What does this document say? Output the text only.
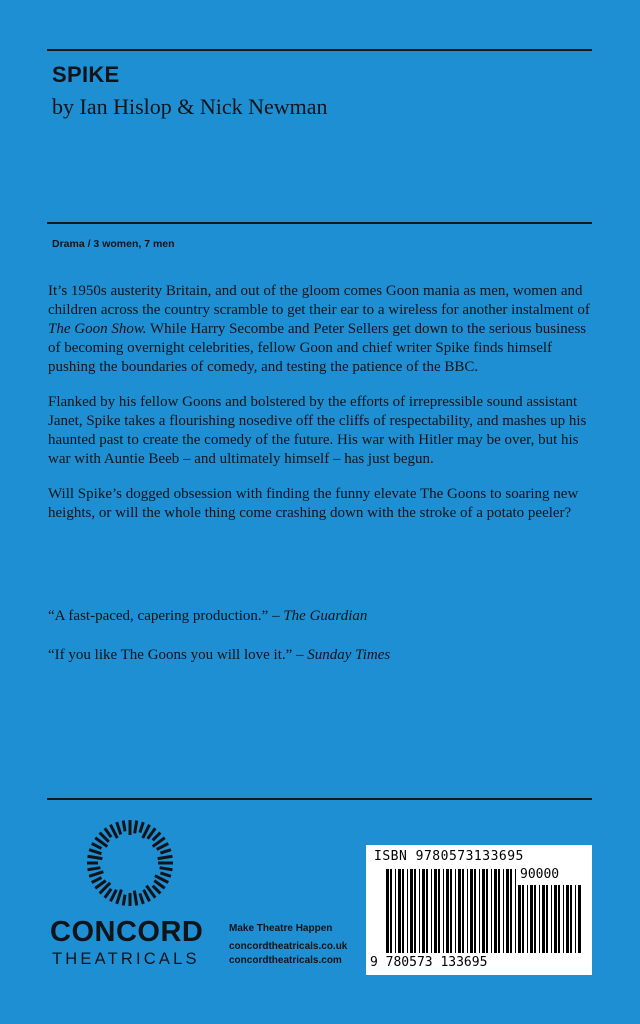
SPIKE
by Ian Hislop & Nick Newman
Drama / 3 women, 7 men

It’s 1950s austerity Britain, and out of the gloom comes Goon mania as men, women and children across the country scramble to get their ear to a wireless for another instalment of The Goon Show. While Harry Secombe and Peter Sellers get down to the serious business of becoming overnight celebrities, fellow Goon and chief writer Spike finds himself pushing the boundaries of comedy, and testing the patience of the BBC.

Flanked by his fellow Goons and bolstered by the efforts of irrepressible sound assistant Janet, Spike takes a flourishing nosedive off the cliffs of respectability, and mashes up his haunted past to create the comedy of the future. His war with Hitler may be over, but his war with Auntie Beeb – and ultimately himself – has just begun.

Will Spike’s dogged obsession with finding the funny elevate The Goons to soaring new heights, or will the whole thing come crashing down with the stroke of a potato peeler?

“A fast-paced, capering production.” – The Guardian
“If you like The Goons you will love it.” – Sunday Times
CONCORD
THEATRICALS
Make Theatre Happen
concordtheatricals.co.uk
concordtheatricals.com
ISBN 9780573133695
90000
9 780573 133695
